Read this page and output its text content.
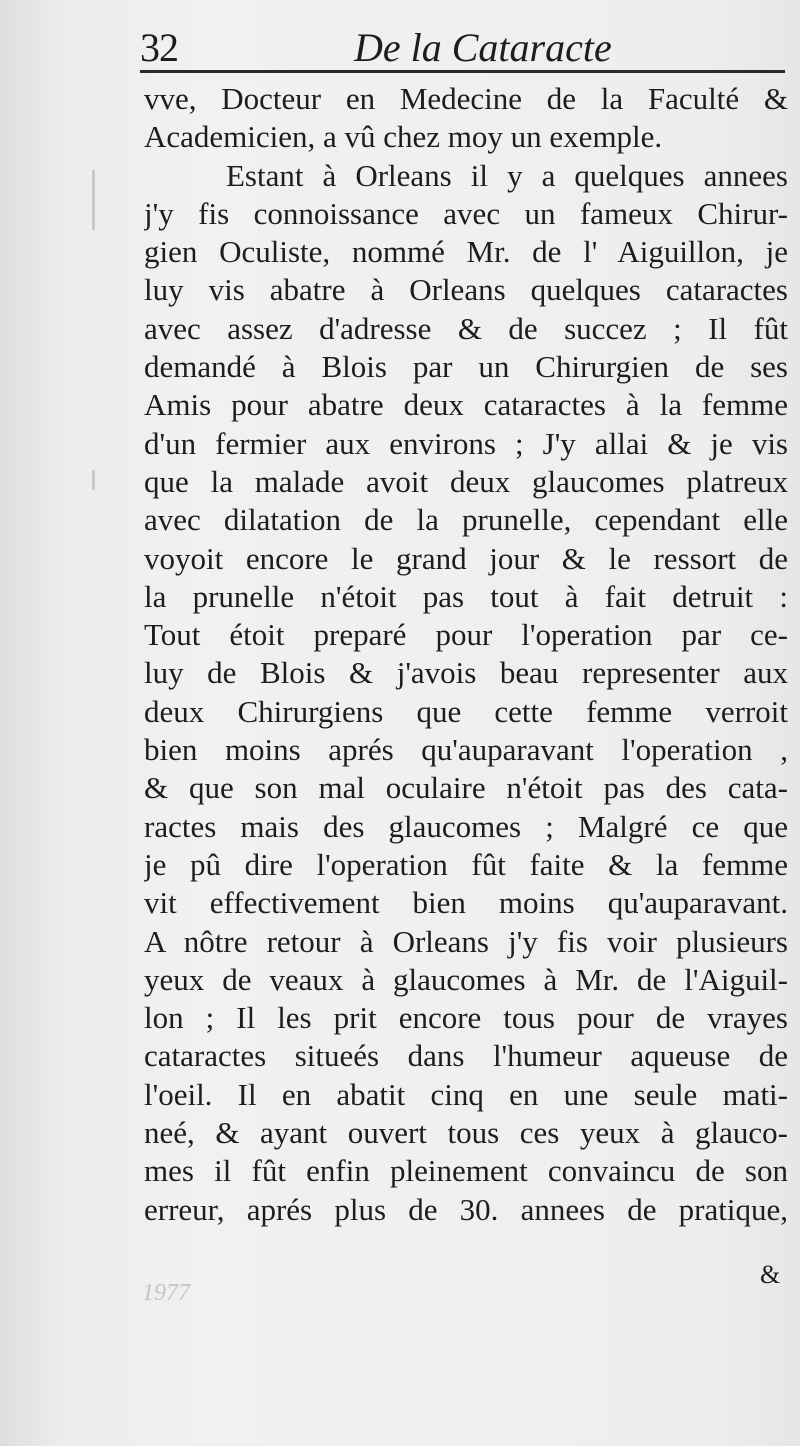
32	De la Cataracte
vve, Docteur en Medecine de la Faculté &
Academicien, a vû chez moy un exemple.
Estant à Orleans il y a quelques annees
j'y fis connoissance avec un fameux Chirur-
gien Oculiste, nommé Mr. de l' Aiguillon, je
luy vis abatre à Orleans quelques cataractes
avec assez d'adresse & de succez ; Il fût
demandé à Blois par un Chirurgien de ses
Amis pour abatre deux cataractes à la femme
d'un fermier aux environs ; J'y allai & je vis
que la malade avoit deux glaucomes platreux
avec dilatation de la prunelle, cependant elle
voyoit encore le grand jour & le ressort de
la prunelle n'étoit pas tout à fait detruit :
Tout étoit preparé pour l'operation par ce-
luy de Blois & j'avois beau representer aux
deux Chirurgiens que cette femme verroit
bien moins aprés qu'auparavant l'operation ,
& que son mal oculaire n'étoit pas des cata-
ractes mais des glaucomes ; Malgré ce que
je pû dire l'operation fût faite & la femme
vit effectivement bien moins qu'auparavant.
A nôtre retour à Orleans j'y fis voir plusieurs
yeux de veaux à glaucomes à Mr. de l'Aiguil-
lon ; Il les prit encore tous pour de vrayes
cataractes situeés dans l'humeur aqueuse de
l'oeil. Il en abatit cinq en une seule mati-
neé, & ayant ouvert tous ces yeux à glauco-
mes il fût enfin pleinement convaincu de son
erreur, aprés plus de 30. annees de pratique,
&
1977
